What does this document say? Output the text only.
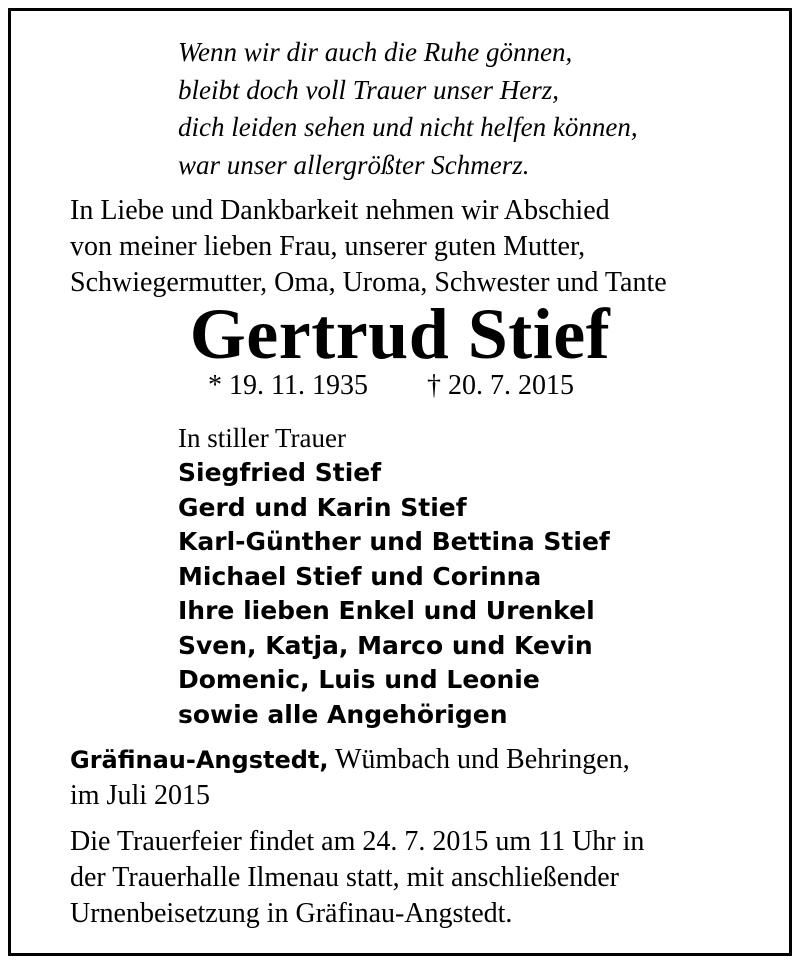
Wenn wir dir auch die Ruhe gönnen,
bleibt doch voll Trauer unser Herz,
dich leiden sehen und nicht helfen können,
war unser allergrößter Schmerz.
In Liebe und Dankbarkeit nehmen wir Abschied
von meiner lieben Frau, unserer guten Mutter,
Schwiegermutter, Oma, Uroma, Schwester und Tante
Gertrud Stief
* 19. 11. 1935 † 20. 7. 2015
In stiller Trauer
Siegfried Stief
Gerd und Karin Stief
Karl-Günther und Bettina Stief
Michael Stief und Corinna
Ihre lieben Enkel und Urenkel
Sven, Katja, Marco und Kevin
Domenic, Luis und Leonie
sowie alle Angehörigen
Gräfinau-Angstedt, Wümbach und Behringen,
im Juli 2015
Die Trauerfeier findet am 24. 7. 2015 um 11 Uhr in
der Trauerhalle Ilmenau statt, mit anschließender
Urnenbeisetzung in Gräfinau-Angstedt.
